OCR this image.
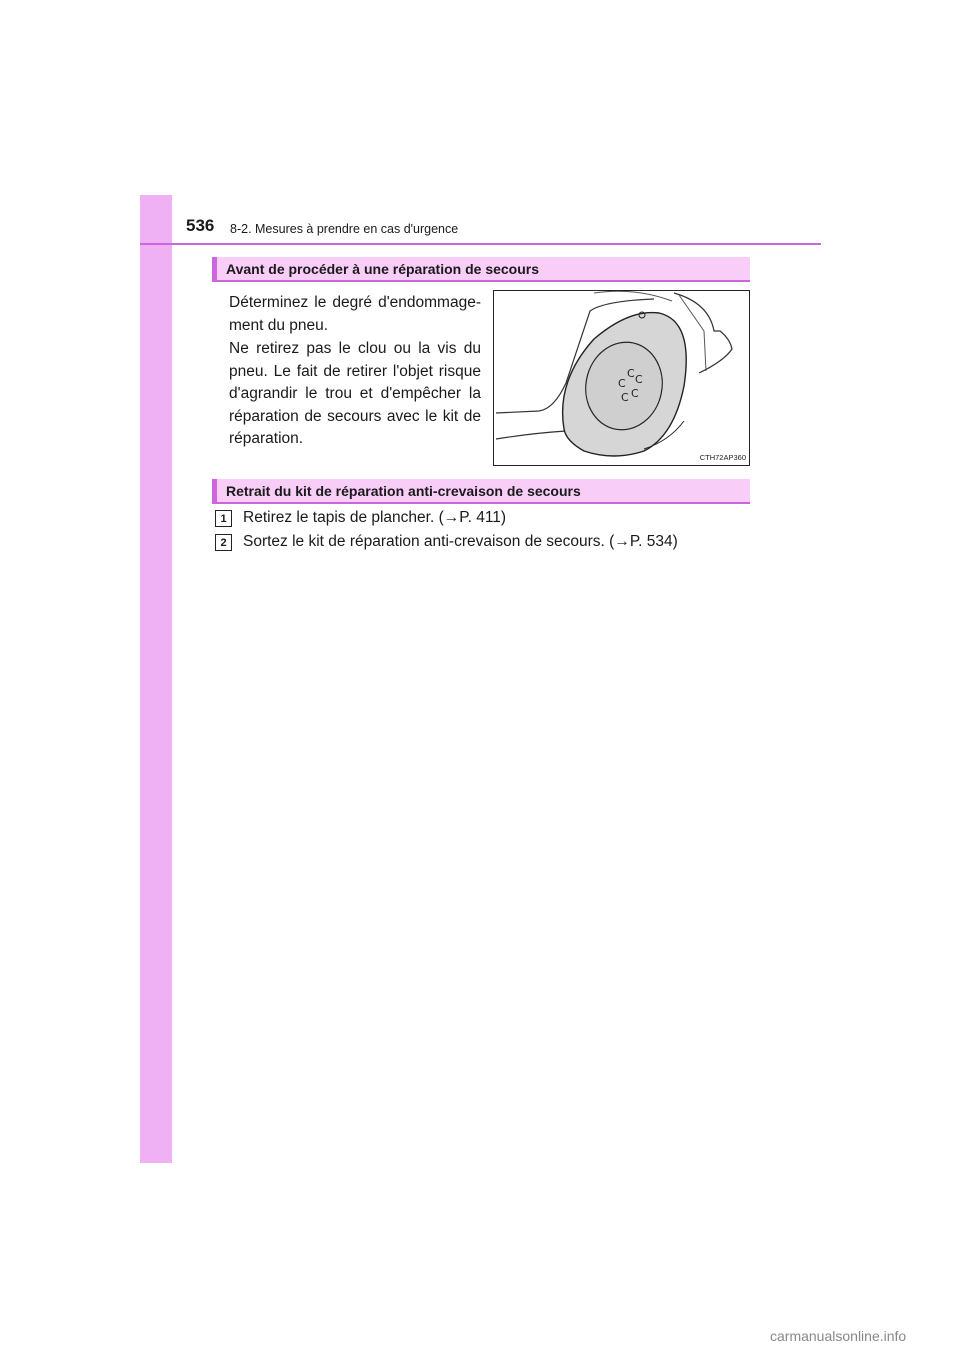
536 8-2. Mesures à prendre en cas d'urgence
Avant de procéder à une réparation de secours

Déterminez le degré d'endommage-ment du pneu.

Ne retirez pas le clou ou la vis du pneu. Le fait de retirer l'objet risque d'agrandir le trou et d'empêcher la réparation de secours avec le kit de réparation.

C C
C
C
C
CTH72AP360
Retrait du kit de réparation anti-crevaison de secours
1	Retirez le tapis de plancher. (→P. 411)
2	Sortez le kit de réparation anti-crevaison de secours. (→P. 534)
carmanualsonline.info
